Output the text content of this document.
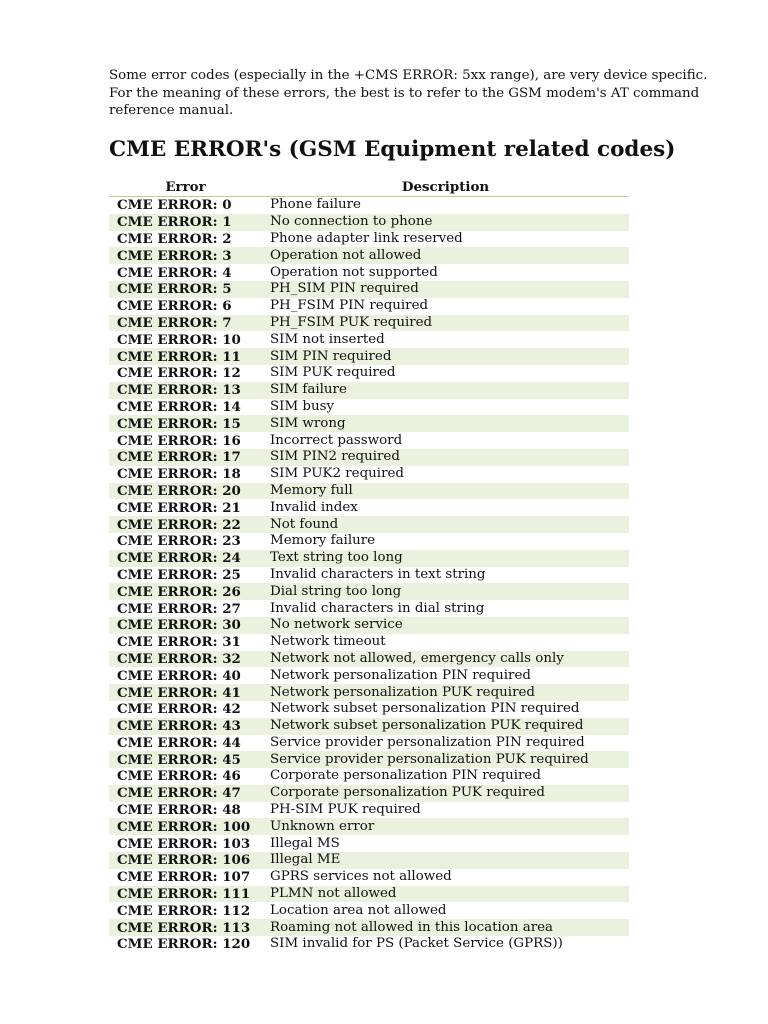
Some error codes (especially in the +CMS ERROR: 5xx range), are very device specific. For the meaning of these errors, the best is to refer to the GSM modem's AT command reference manual.

CME ERROR's (GSM Equipment related codes)
Error	Description
CME ERROR: 0	Phone failure
CME ERROR: 1	No connection to phone
CME ERROR: 2	Phone adapter link reserved
CME ERROR: 3	Operation not allowed
CME ERROR: 4	Operation not supported
CME ERROR: 5	PH_SIM PIN required
CME ERROR: 6	PH_FSIM PIN required
CME ERROR: 7	PH_FSIM PUK required
CME ERROR: 10	SIM not inserted
CME ERROR: 11	SIM PIN required
CME ERROR: 12	SIM PUK required
CME ERROR: 13	SIM failure
CME ERROR: 14	SIM busy
CME ERROR: 15	SIM wrong
CME ERROR: 16	Incorrect password
CME ERROR: 17	SIM PIN2 required
CME ERROR: 18	SIM PUK2 required
CME ERROR: 20	Memory full
CME ERROR: 21	Invalid index
CME ERROR: 22	Not found
CME ERROR: 23	Memory failure
CME ERROR: 24	Text string too long
CME ERROR: 25	Invalid characters in text string
CME ERROR: 26	Dial string too long
CME ERROR: 27	Invalid characters in dial string
CME ERROR: 30	No network service
CME ERROR: 31	Network timeout
CME ERROR: 32	Network not allowed, emergency calls only
CME ERROR: 40	Network personalization PIN required
CME ERROR: 41	Network personalization PUK required
CME ERROR: 42	Network subset personalization PIN required
CME ERROR: 43	Network subset personalization PUK required
CME ERROR: 44	Service provider personalization PIN required
CME ERROR: 45	Service provider personalization PUK required
CME ERROR: 46	Corporate personalization PIN required
CME ERROR: 47	Corporate personalization PUK required
CME ERROR: 48	PH-SIM PUK required
CME ERROR: 100	Unknown error
CME ERROR: 103	Illegal MS
CME ERROR: 106	Illegal ME
CME ERROR: 107	GPRS services not allowed
CME ERROR: 111	PLMN not allowed
CME ERROR: 112	Location area not allowed
CME ERROR: 113	Roaming not allowed in this location area
CME ERROR: 120	SIM invalid for PS (Packet Service (GPRS))
